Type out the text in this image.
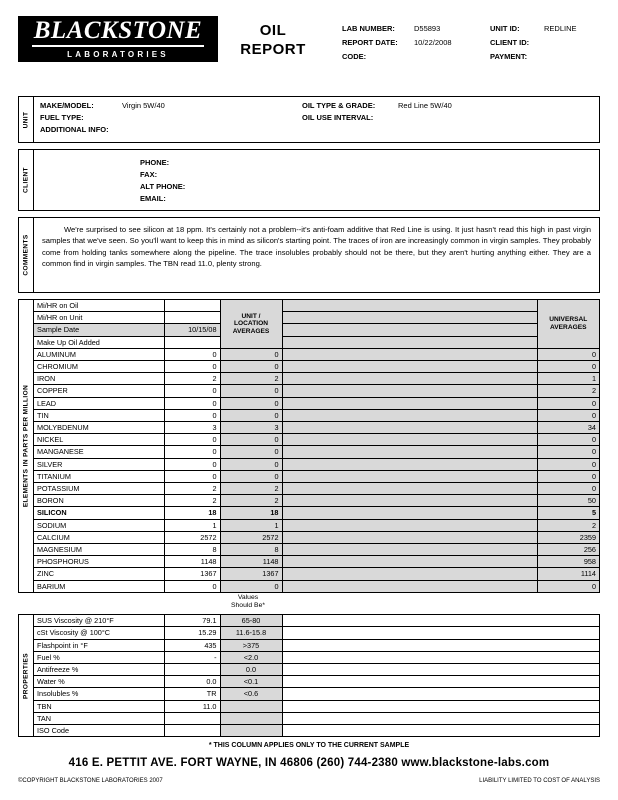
BLACKSTONE
LABORATORIES
OIL
REPORT
LAB NUMBER:	D55893	UNIT ID:	REDLINE
REPORT DATE:	10/22/2008	CLIENT ID:
CODE:	PAYMENT:
UNIT
MAKE/MODEL:	Virgin 5W/40	OIL TYPE & GRADE:	Red Line 5W/40
FUEL TYPE:	OIL USE INTERVAL:
ADDITIONAL INFO:
CLIENT
PHONE:
FAX:
ALT PHONE:
EMAIL:
COMMENTS
We're surprised to see silicon at 18 ppm. It's certainly not a problem--it's anti-foam additive that Red Line is using. It just hasn't read this high in past virgin samples that we've seen. So you'll want to keep this in mind as silicon's starting point. The traces of iron are increasingly common in virgin samples. They probably come from holding tanks somewhere along the pipeline. The trace insolubles probably should not be there, but they aren't hurting anything either. They are a common find in virgin samples. The TBN read 11.0, plenty strong.
ELEMENTS IN PARTS PER MILLION
Mi/HR on Oil		
UNIT /
LOCATION
AVERAGES

UNIVERSAL
AVERAGES

Mi/HR on Unit				
Sample Date	10/15/08			
Make Up Oil Added				
ALUMINUM	0	0		0
CHROMIUM	0	0		0
IRON	2	2		1
COPPER	0	0		2
LEAD	0	0		0
TIN	0	0		0
MOLYBDENUM	3	3		34
NICKEL	0	0		0
MANGANESE	0	0		0
SILVER	0	0		0
TITANIUM	0	0		0
POTASSIUM	2	2		0
BORON	2	2		50
SILICON	18	18		5
SODIUM	1	1		2
CALCIUM	2572	2572		2359
MAGNESIUM	8	8		256
PHOSPHORUS	1148	1148		958
ZINC	1367	1367		1114
BARIUM	0	0		0
Values
Should Be*
PROPERTIES
SUS Viscosity @ 210°F	79.1	65-80	
cSt Viscosity @ 100°C	15.29	11.6-15.8	
Flashpoint in °F	435	>375	
Fuel %	-	<2.0	
Antifreeze %		0.0	
Water %	0.0	<0.1	
Insolubles %	TR	<0.6	
TBN	11.0		
TAN			
ISO Code			
* THIS COLUMN APPLIES ONLY TO THE CURRENT SAMPLE
416 E. PETTIT AVE. FORT WAYNE, IN 46806 (260) 744-2380 www.blackstone-labs.com
©COPYRIGHT BLACKSTONE LABORATORIES 2007	LIABILITY LIMITED TO COST OF ANALYSIS
